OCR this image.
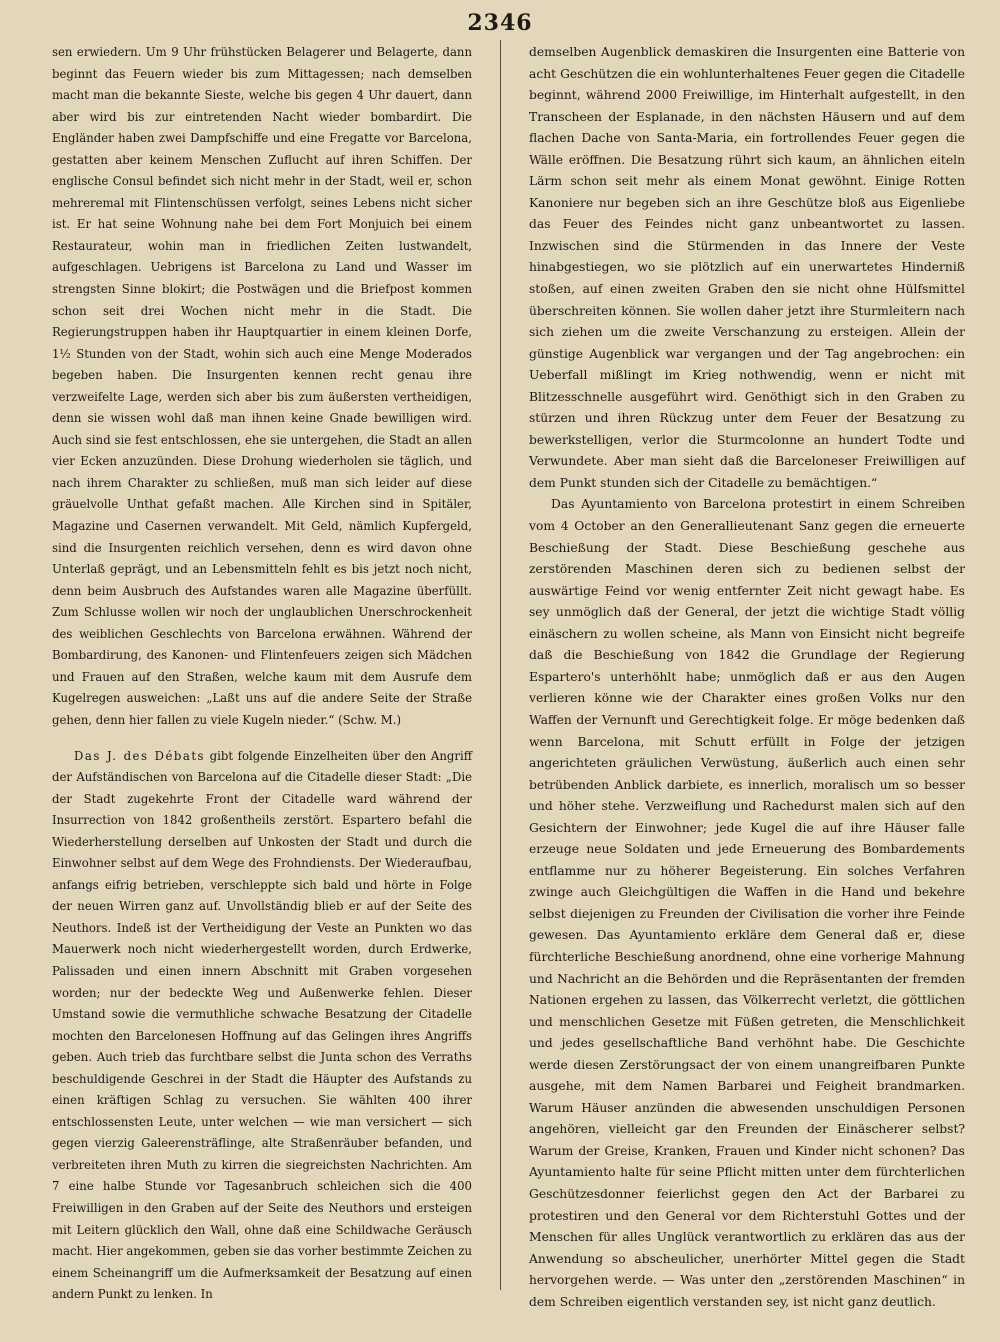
2346

sen erwiedern. Um 9 Uhr frühstücken Belagerer und Belagerte, dann beginnt das Feuern wieder bis zum Mittagessen; nach demselben macht man die bekannte Sieste, welche bis gegen 4 Uhr dauert, dann aber wird bis zur eintretenden Nacht wieder bombardirt. Die Engländer haben zwei Dampfschiffe und eine Fregatte vor Barcelona, gestatten aber keinem Menschen Zuflucht auf ihren Schiffen. Der englische Consul befindet sich nicht mehr in der Stadt, weil er, schon mehreremal mit Flintenschüssen verfolgt, seines Lebens nicht sicher ist. Er hat seine Wohnung nahe bei dem Fort Monjuich bei einem Restaurateur, wohin man in friedlichen Zeiten lustwandelt, aufgeschlagen. Uebrigens ist Barcelona zu Land und Wasser im strengsten Sinne blokirt; die Postwägen und die Briefpost kommen schon seit drei Wochen nicht mehr in die Stadt. Die Regierungstruppen haben ihr Hauptquartier in einem kleinen Dorfe, 1½ Stunden von der Stadt, wohin sich auch eine Menge Moderados begeben haben. Die Insurgenten kennen recht genau ihre verzweifelte Lage, werden sich aber bis zum äußersten vertheidigen, denn sie wissen wohl daß man ihnen keine Gnade bewilligen wird. Auch sind sie fest entschlossen, ehe sie untergehen, die Stadt an allen vier Ecken anzuzünden. Diese Drohung wiederholen sie täglich, und nach ihrem Charakter zu schließen, muß man sich leider auf diese gräuelvolle Unthat gefaßt machen. Alle Kirchen sind in Spitäler, Magazine und Casernen verwandelt. Mit Geld, nämlich Kupfergeld, sind die Insurgenten reichlich versehen, denn es wird davon ohne Unterlaß geprägt, und an Lebensmitteln fehlt es bis jetzt noch nicht, denn beim Ausbruch des Aufstandes waren alle Magazine überfüllt. Zum Schlusse wollen wir noch der unglaublichen Unerschrockenheit des weiblichen Geschlechts von Barcelona erwähnen. Während der Bombardirung, des Kanonen- und Flintenfeuers zeigen sich Mädchen und Frauen auf den Straßen, welche kaum mit dem Ausrufe dem Kugelregen ausweichen: „Laßt uns auf die andere Seite der Straße gehen, denn hier fallen zu viele Kugeln nieder.“ (Schw. M.)

Das J. des Débats gibt folgende Einzelheiten über den Angriff der Aufständischen von Barcelona auf die Citadelle dieser Stadt: „Die der Stadt zugekehrte Front der Citadelle ward während der Insurrection von 1842 großentheils zerstört. Espartero befahl die Wiederherstellung derselben auf Unkosten der Stadt und durch die Einwohner selbst auf dem Wege des Frohndiensts. Der Wiederaufbau, anfangs eifrig betrieben, verschleppte sich bald und hörte in Folge der neuen Wirren ganz auf. Unvollständig blieb er auf der Seite des Neuthors. Indeß ist der Vertheidigung der Veste an Punkten wo das Mauerwerk noch nicht wiederhergestellt worden, durch Erdwerke, Palissaden und einen innern Abschnitt mit Graben vorgesehen worden; nur der bedeckte Weg und Außenwerke fehlen. Dieser Umstand sowie die vermuthliche schwache Besatzung der Citadelle mochten den Barcelonesen Hoffnung auf das Gelingen ihres Angriffs geben. Auch trieb das furchtbare selbst die Junta schon des Verraths beschuldigende Geschrei in der Stadt die Häupter des Aufstands zu einen kräftigen Schlag zu versuchen. Sie wählten 400 ihrer entschlossensten Leute, unter welchen — wie man versichert — sich gegen vierzig Galeerensträflinge, alte Straßenräuber befanden, und verbreiteten ihren Muth zu kirren die siegreichsten Nachrichten. Am 7 eine halbe Stunde vor Tagesanbruch schleichen sich die 400 Freiwilligen in den Graben auf der Seite des Neuthors und ersteigen mit Leitern glücklich den Wall, ohne daß eine Schildwache Geräusch macht. Hier angekommen, geben sie das vorher bestimmte Zeichen zu einem Scheinangriff um die Aufmerksamkeit der Besatzung auf einen andern Punkt zu lenken. In

demselben Augenblick demaskiren die Insurgenten eine Batterie von acht Geschützen die ein wohlunterhaltenes Feuer gegen die Citadelle beginnt, während 2000 Freiwillige, im Hinterhalt aufgestellt, in den Transcheen der Esplanade, in den nächsten Häusern und auf dem flachen Dache von Santa-Maria, ein fortrollendes Feuer gegen die Wälle eröffnen. Die Besatzung rührt sich kaum, an ähnlichen eiteln Lärm schon seit mehr als einem Monat gewöhnt. Einige Rotten Kanoniere nur begeben sich an ihre Geschütze bloß aus Eigenliebe das Feuer des Feindes nicht ganz unbeantwortet zu lassen. Inzwischen sind die Stürmenden in das Innere der Veste hinabgestiegen, wo sie plötzlich auf ein unerwartetes Hinderniß stoßen, auf einen zweiten Graben den sie nicht ohne Hülfsmittel überschreiten können. Sie wollen daher jetzt ihre Sturmleitern nach sich ziehen um die zweite Verschanzung zu ersteigen. Allein der günstige Augenblick war vergangen und der Tag angebrochen: ein Ueberfall mißlingt im Krieg nothwendig, wenn er nicht mit Blitzesschnelle ausgeführt wird. Genöthigt sich in den Graben zu stürzen und ihren Rückzug unter dem Feuer der Besatzung zu bewerkstelligen, verlor die Sturmcolonne an hundert Todte und Verwundete. Aber man sieht daß die Barceloneser Freiwilligen auf dem Punkt stunden sich der Citadelle zu bemächtigen.“

Das Ayuntamiento von Barcelona protestirt in einem Schreiben vom 4 October an den Generallieutenant Sanz gegen die erneuerte Beschießung der Stadt. Diese Beschießung geschehe aus zerstörenden Maschinen deren sich zu bedienen selbst der auswärtige Feind vor wenig entfernter Zeit nicht gewagt habe. Es sey unmöglich daß der General, der jetzt die wichtige Stadt völlig einäschern zu wollen scheine, als Mann von Einsicht nicht begreife daß die Beschießung von 1842 die Grundlage der Regierung Espartero's unterhöhlt habe; unmöglich daß er aus den Augen verlieren könne wie der Charakter eines großen Volks nur den Waffen der Vernunft und Gerechtigkeit folge. Er möge bedenken daß wenn Barcelona, mit Schutt erfüllt in Folge der jetzigen angerichteten gräulichen Verwüstung, äußerlich auch einen sehr betrübenden Anblick darbiete, es innerlich, moralisch um so besser und höher stehe. Verzweiflung und Rachedurst malen sich auf den Gesichtern der Einwohner; jede Kugel die auf ihre Häuser falle erzeuge neue Soldaten und jede Erneuerung des Bombardements entflamme nur zu höherer Begeisterung. Ein solches Verfahren zwinge auch Gleichgültigen die Waffen in die Hand und bekehre selbst diejenigen zu Freunden der Civilisation die vorher ihre Feinde gewesen. Das Ayuntamiento erkläre dem General daß er, diese fürchterliche Beschießung anordnend, ohne eine vorherige Mahnung und Nachricht an die Behörden und die Repräsentanten der fremden Nationen ergehen zu lassen, das Völkerrecht verletzt, die göttlichen und menschlichen Gesetze mit Füßen getreten, die Menschlichkeit und jedes gesellschaftliche Band verhöhnt habe. Die Geschichte werde diesen Zerstörungsact der von einem unangreifbaren Punkte ausgehe, mit dem Namen Barbarei und Feigheit brandmarken. Warum Häuser anzünden die abwesenden unschuldigen Personen angehören, vielleicht gar den Freunden der Einäscherer selbst? Warum der Greise, Kranken, Frauen und Kinder nicht schonen? Das Ayuntamiento halte für seine Pflicht mitten unter dem fürchterlichen Geschützesdonner feierlichst gegen den Act der Barbarei zu protestiren und den General vor dem Richterstuhl Gottes und der Menschen für alles Unglück verantwortlich zu erklären das aus der Anwendung so abscheulicher, unerhörter Mittel gegen die Stadt hervorgehen werde. — Was unter den „zerstörenden Maschinen“ in dem Schreiben eigentlich verstanden sey, ist nicht ganz deutlich.
